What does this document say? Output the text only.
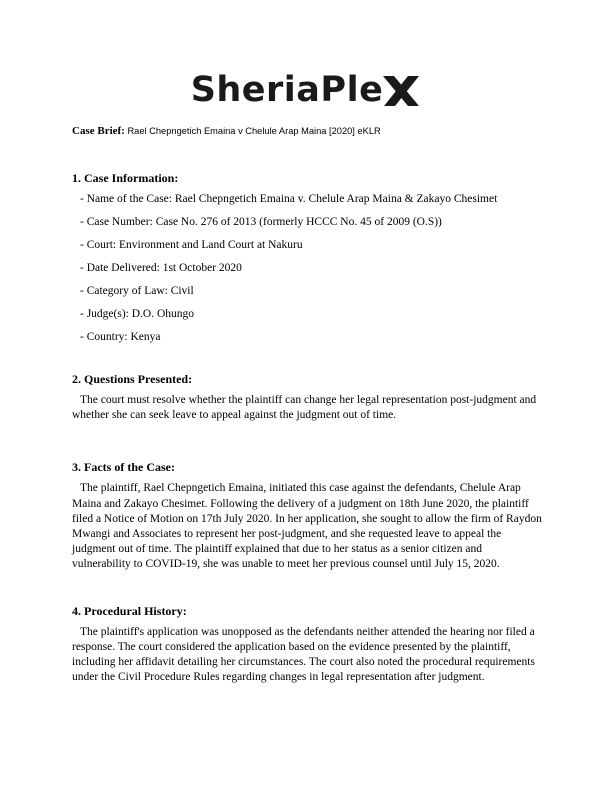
SheriaPle
Case Brief: Rael Chepngetich Emaina v Chelule Arap Maina [2020] eKLR

1. Case Information:

- Name of the Case: Rael Chepngetich Emaina v. Chelule Arap Maina & Zakayo Chesimet
- Case Number: Case No. 276 of 2013 (formerly HCCC No. 45 of 2009 (O.S))
- Court: Environment and Land Court at Nakuru
- Date Delivered: 1st October 2020
- Category of Law: Civil
- Judge(s): D.O. Ohungo
- Country: Kenya

2. Questions Presented:

The court must resolve whether the plaintiff can change her legal representation post-judgment and whether she can seek leave to appeal against the judgment out of time.

3. Facts of the Case:

The plaintiff, Rael Chepngetich Emaina, initiated this case against the defendants, Chelule Arap Maina and Zakayo Chesimet. Following the delivery of a judgment on 18th June 2020, the plaintiff filed a Notice of Motion on 17th July 2020. In her application, she sought to allow the firm of Raydon Mwangi and Associates to represent her post-judgment, and she requested leave to appeal the judgment out of time. The plaintiff explained that due to her status as a senior citizen and vulnerability to COVID-19, she was unable to meet her previous counsel until July 15, 2020.

4. Procedural History:

The plaintiff's application was unopposed as the defendants neither attended the hearing nor filed a response. The court considered the application based on the evidence presented by the plaintiff, including her affidavit detailing her circumstances. The court also noted the procedural requirements under the Civil Procedure Rules regarding changes in legal representation after judgment.
